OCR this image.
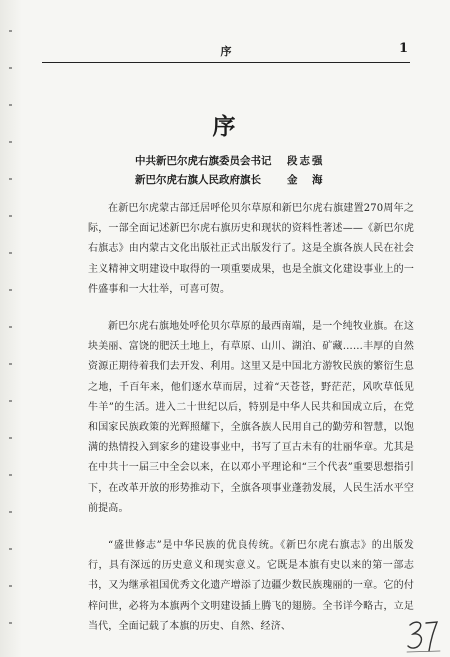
序	1
序
中共新巴尔虎右旗委员会书记	段志强
新巴尔虎右旗人民政府旗长	金　海

在新巴尔虎蒙古部迁居呼伦贝尔草原和新巴尔虎右旗建置270周年之际，一部全面记述新巴尔虎右旗历史和现状的资料性著述——《新巴尔虎右旗志》由内蒙古文化出版社正式出版发行了。这是全旗各族人民在社会主义精神文明建设中取得的一项重要成果，也是全旗文化建设事业上的一件盛事和一大壮举，可喜可贺。

新巴尔虎右旗地处呼伦贝尔草原的最西南端，是一个纯牧业旗。在这块美丽、富饶的肥沃土地上，有草原、山川、湖泊、矿藏……丰厚的自然资源正期待着我们去开发、利用。这里又是中国北方游牧民族的繁衍生息之地，千百年来，他们逐水草而居，过着“天苍苍，野茫茫，风吹草低见牛羊”的生活。进入二十世纪以后，特别是中华人民共和国成立后，在党和国家民族政策的光辉照耀下，全旗各族人民用自己的勤劳和智慧，以饱满的热情投入到家乡的建设事业中，书写了亘古未有的壮丽华章。尤其是在中共十一届三中全会以来，在以邓小平理论和“三个代表”重要思想指引下，在改革开放的形势推动下，全旗各项事业蓬勃发展，人民生活水平空前提高。

“盛世修志”是中华民族的优良传统。《新巴尔虎右旗志》的出版发行，具有深远的历史意义和现实意义。它既是本旗有史以来的第一部志书，又为继承祖国优秀文化遗产增添了边疆少数民族瑰丽的一章。它的付梓问世，必将为本旗两个文明建设插上腾飞的翅膀。全书详今略古，立足当代，全面记载了本旗的历史、自然、经济、
